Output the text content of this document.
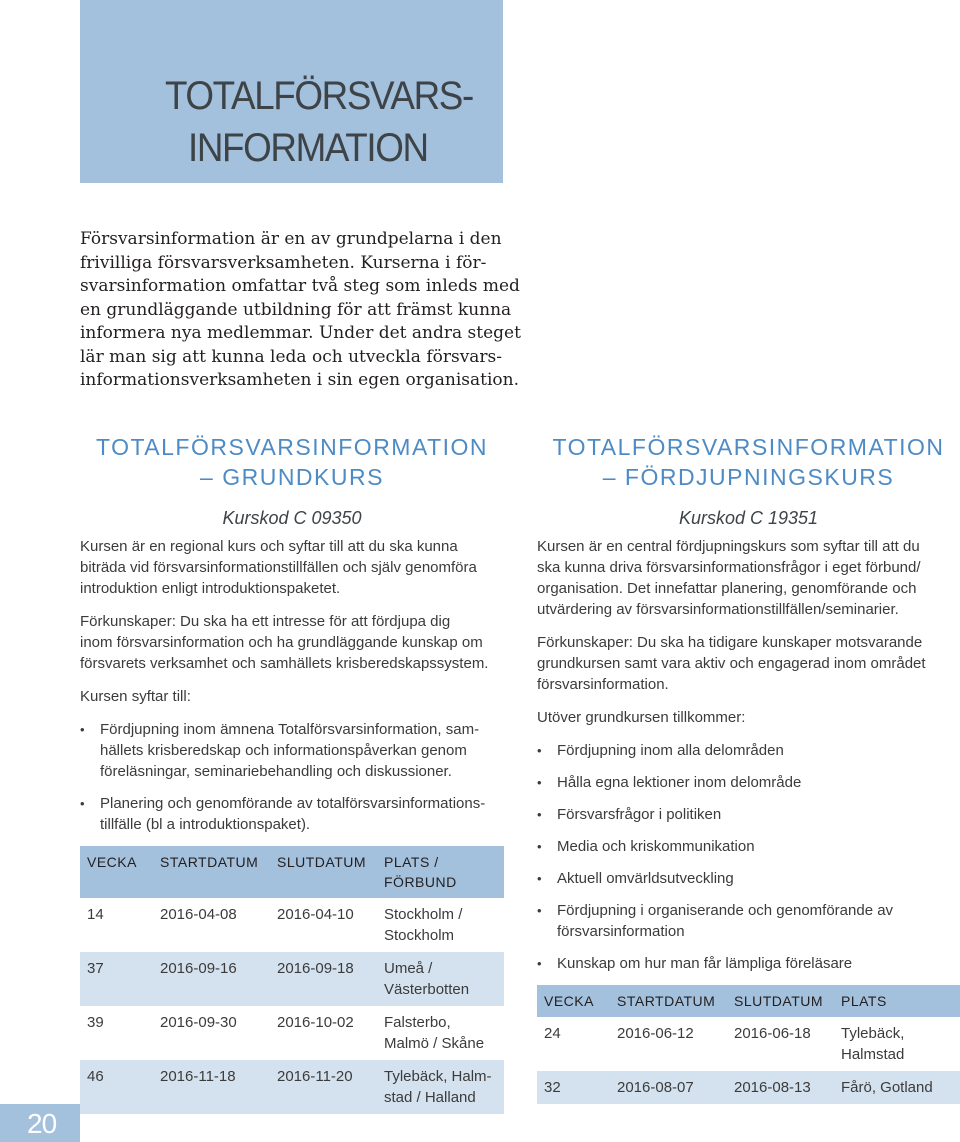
TOTALFÖRSVARS-
INFORMATION
Försvarsinformation är en av grundpelarna i den
frivilliga försvarsverksamheten. Kurserna i för-
svarsinformation omfattar två steg som inleds med
en grundläggande utbildning för att främst kunna
informera nya medlemmar. Under det andra steget
lär man sig att kunna leda och utveckla försvars-
informationsverksamheten i sin egen organisation.
TOTALFÖRSVARSINFORMATION
– GRUNDKURS
Kurskod C 09350
Kursen är en regional kurs och syftar till att du ska kunna
biträda vid försvarsinformationstillfällen och själv genomföra
introduktion enligt introduktionspaketet.
Förkunskaper: Du ska ha ett intresse för att fördjupa dig
inom försvarsinformation och ha grundläggande kunskap om
försvarets verksamhet och samhällets krisberedskapssystem.
Kursen syftar till:
• Fördjupning inom ämnena Totalförsvarsinformation, sam-
hällets krisberedskap och informationspåverkan genom
föreläsningar, seminariebehandling och diskussioner.
• Planering och genomförande av totalförsvarsinformations-
tillfälle (bl a introduktionspaket).
VECKA	STARTDATUM	SLUTDATUM	PLATS /
FÖRBUND

14	2016-04-08	2016-04-10	Stockholm /
Stockholm

37	2016-09-16	2016-09-18	Umeå /
Västerbotten

39	2016-09-30	2016-10-02	Falsterbo,
Malmö / Skåne

46	2016-11-18	2016-11-20	Tylebäck, Halm-
stad / Halland
TOTALFÖRSVARSINFORMATION
– FÖRDJUPNINGSKURS
Kurskod C 19351
Kursen är en central fördjupningskurs som syftar till att du
ska kunna driva försvarsinformationsfrågor i eget förbund/
organisation. Det innefattar planering, genomförande och
utvärdering av försvarsinformationstillfällen/seminarier.
Förkunskaper: Du ska ha tidigare kunskaper motsvarande
grundkursen samt vara aktiv och engagerad inom området
försvarsinformation.
Utöver grundkursen tillkommer:
• Fördjupning inom alla delområden
• Hålla egna lektioner inom delområde
• Försvarsfrågor i politiken
• Media och kriskommunikation
• Aktuell omvärldsutveckling
• Fördjupning i organiserande och genomförande av
försvarsinformation
• Kunskap om hur man får lämpliga föreläsare
VECKA	STARTDATUM	SLUTDATUM	PLATS
24	2016-06-12	2016-06-18	Tylebäck,
Halmstad

32	2016-08-07	2016-08-13	Fårö, Gotland
20
